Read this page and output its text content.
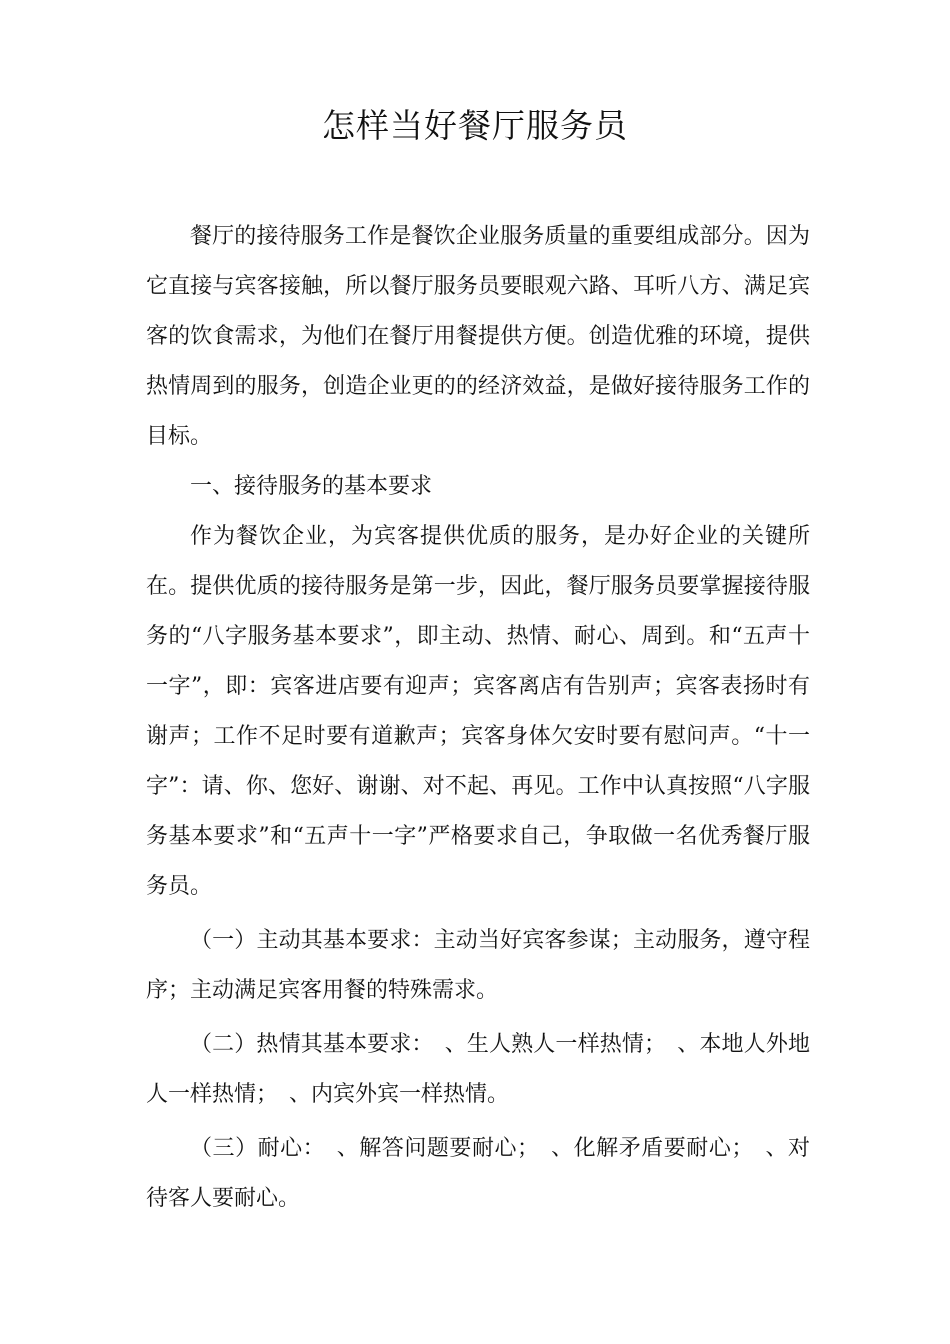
怎样当好餐厅服务员

餐厅的接待服务工作是餐饮企业服务质量的重要组成部分。因为它直接与宾客接触，所以餐厅服务员要眼观六路、耳听八方、满足宾客的饮食需求，为他们在餐厅用餐提供方便。创造优雅的环境，提供热情周到的服务，创造企业更的的经济效益，是做好接待服务工作的目标。

一、接待服务的基本要求

作为餐饮企业，为宾客提供优质的服务，是办好企业的关键所在。提供优质的接待服务是第一步，因此，餐厅服务员要掌握接待服务的“八字服务基本要求”，即主动、热情、耐心、周到。和“五声十一字”，即：宾客进店要有迎声；宾客离店有告别声；宾客表扬时有谢声；工作不足时要有道歉声；宾客身体欠安时要有慰问声。“十一字”：请、你、您好、谢谢、对不起、再见。工作中认真按照“八字服务基本要求”和“五声十一字”严格要求自己，争取做一名优秀餐厅服务员。

（一）主动其基本要求：主动当好宾客参谋；主动服务，遵守程序；主动满足宾客用餐的特殊需求。

（二）热情其基本要求：　、生人熟人一样热情；　、本地人外地人一样热情；　、内宾外宾一样热情。

（三）耐心：　、解答问题要耐心；　、化解矛盾要耐心；　、对待客人要耐心。
